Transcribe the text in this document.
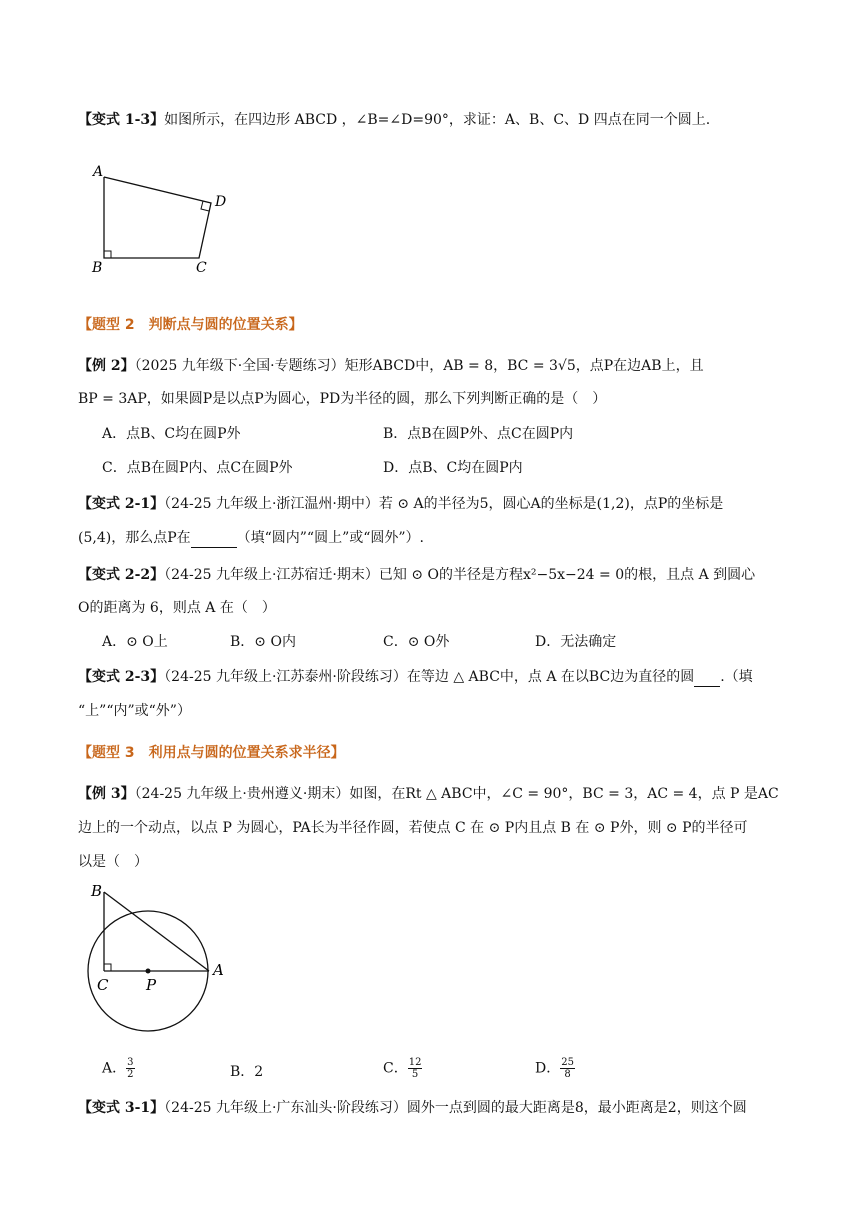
【变式 1-3】如图所示，在四边形 ABCD ，∠B=∠D=90°，求证：A、B、C、D 四点在同一个圆上.
A
D
B	C
【题型 2　判断点与圆的位置关系】
【例 2】（2025 九年级下·全国·专题练习）矩形ABCD中，AB = 8，BC = 3√5，点P在边AB上，且
BP = 3AP，如果圆P是以点P为圆心，PD为半径的圆，那么下列判断正确的是（　）
A．点B、C均在圆P外	B．点B在圆P外、点C在圆P内
C．点B在圆P内、点C在圆P外	D．点B、C均在圆P内
【变式 2-1】（24-25 九年级上·浙江温州·期中）若 ⊙ A的半径为5，圆心A的坐标是(1,2)，点P的坐标是
(5,4)，那么点P在	（填“圆内”“圆上”或“圆外”）.
【变式 2-2】（24-25 九年级上·江苏宿迁·期末）已知 ⊙ O的半径是方程x²−5x−24 = 0的根，且点 A 到圆心
O的距离为 6，则点 A 在（　）
A．⊙ O上	B．⊙ O内	C．⊙ O外	D．无法确定
【变式 2-3】（24-25 九年级上·江苏泰州·阶段练习）在等边 △ ABC中，点 A 在以BC边为直径的圆 .（填
“上”“内”或“外”）
【题型 3　利用点与圆的位置关系求半径】
【例 3】（24-25 九年级上·贵州遵义·期末）如图，在Rt △ ABC中，∠C = 90°，BC = 3，AC = 4，点 P 是AC
边上的一个动点，以点 P 为圆心，PA长为半径作圆，若使点 C 在 ⊙ P内且点 B 在 ⊙ P外，则 ⊙ P的半径可
以是（　）
B
A
C	P
A． $\frac{3}{2}$	B．2	C． $\frac{12}{5}$	D． $\frac{25}{8}$
【变式 3-1】（24-25 九年级上·广东汕头·阶段练习）圆外一点到圆的最大距离是8，最小距离是2，则这个圆
